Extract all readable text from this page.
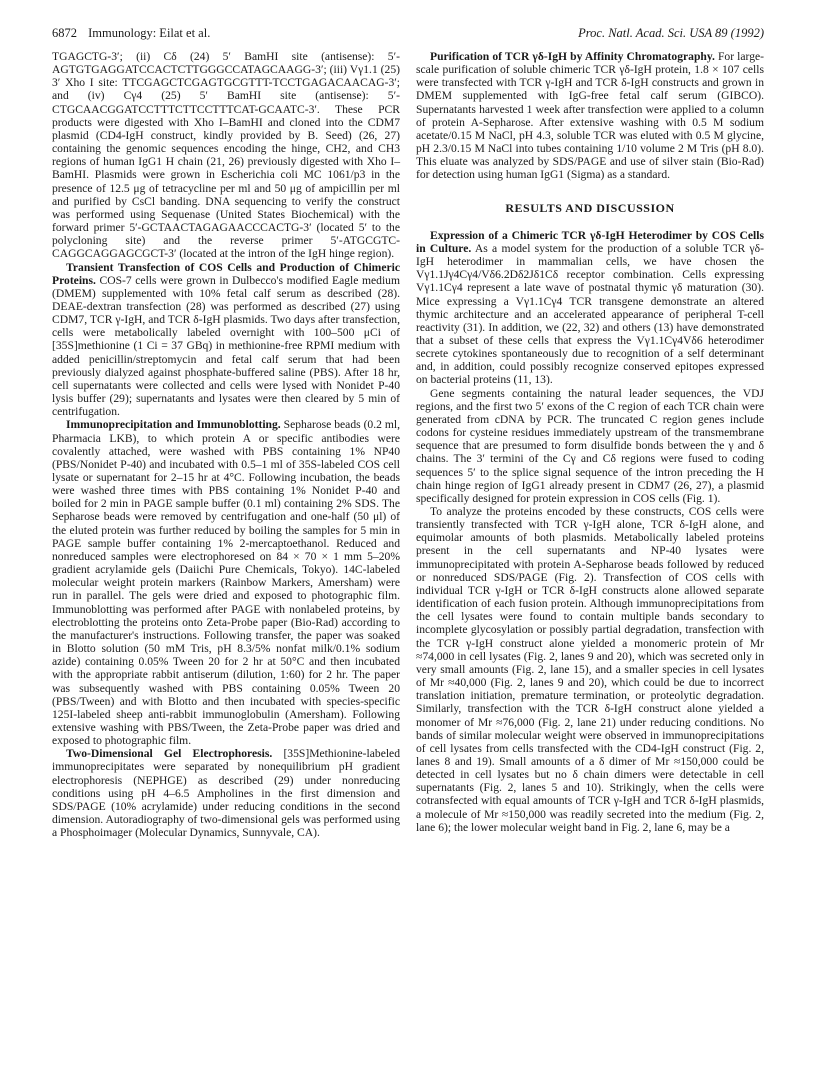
6872 Immunology: Eilat et al.	Proc. Natl. Acad. Sci. USA 89 (1992)

TGAGCTG-3′; (ii) Cδ (24) 5′ BamHI site (antisense): 5′-AGTGTGAGGATCCACTCTTGGGCCATAGCAAGG-3′; (iii) Vγ1.1 (25) 3′ Xho I site: TTCGAGCTCGAGTGCGTTT-TCCTGAGACAACAG-3′; and (iv) Cγ4 (25) 5′ BamHI site (antisense): 5′-CTGCAACGGATCCTTTCTTCCTTTCAT-GCAATC-3′. These PCR products were digested with Xho I–BamHI and cloned into the CDM7 plasmid (CD4-IgH construct, kindly provided by B. Seed) (26, 27) containing the genomic sequences encoding the hinge, CH2, and CH3 regions of human IgG1 H chain (21, 26) previously digested with Xho I–BamHI. Plasmids were grown in Escherichia coli MC 1061/p3 in the presence of 12.5 μg of tetracycline per ml and 50 μg of ampicillin per ml and purified by CsCl banding. DNA sequencing to verify the construct was performed using Sequenase (United States Biochemical) with the forward primer 5′-GCTAACTAGAGAACCCACTG-3′ (located 5′ to the polycloning site) and the reverse primer 5′-ATGCGTC-CAGGCAGGAGCGCT-3′ (located at the intron of the IgH hinge region).

Transient Transfection of COS Cells and Production of Chimeric Proteins. COS-7 cells were grown in Dulbecco's modified Eagle medium (DMEM) supplemented with 10% fetal calf serum as described (28). DEAE-dextran transfection (28) was performed as described (27) using CDM7, TCR γ-IgH, and TCR δ-IgH plasmids. Two days after transfection, cells were metabolically labeled overnight with 100–500 μCi of [35S]methionine (1 Ci = 37 GBq) in methionine-free RPMI medium with added penicillin/streptomycin and fetal calf serum that had been previously dialyzed against phosphate-buffered saline (PBS). After 18 hr, cell supernatants were collected and cells were lysed with Nonidet P-40 lysis buffer (29); supernatants and lysates were then cleared by 5 min of centrifugation.

Immunoprecipitation and Immunoblotting. Sepharose beads (0.2 ml, Pharmacia LKB), to which protein A or specific antibodies were covalently attached, were washed with PBS containing 1% NP40 (PBS/Nonidet P-40) and incubated with 0.5–1 ml of 35S-labeled COS cell lysate or supernatant for 2–15 hr at 4°C. Following incubation, the beads were washed three times with PBS containing 1% Nonidet P-40 and boiled for 2 min in PAGE sample buffer (0.1 ml) containing 2% SDS. The Sepharose beads were removed by centrifugation and one-half (50 μl) of the eluted protein was further reduced by boiling the samples for 5 min in PAGE sample buffer containing 1% 2-mercaptoethanol. Reduced and nonreduced samples were electrophoresed on 84 × 70 × 1 mm 5–20% gradient acrylamide gels (Daiichi Pure Chemicals, Tokyo). 14C-labeled molecular weight protein markers (Rainbow Markers, Amersham) were run in parallel. The gels were dried and exposed to photographic film. Immunoblotting was performed after PAGE with nonlabeled proteins, by electroblotting the proteins onto Zeta-Probe paper (Bio-Rad) according to the manufacturer's instructions. Following transfer, the paper was soaked in Blotto solution (50 mM Tris, pH 8.3/5% nonfat milk/0.1% sodium azide) containing 0.05% Tween 20 for 2 hr at 50°C and then incubated with the appropriate rabbit antiserum (dilution, 1:60) for 2 hr. The paper was subsequently washed with PBS containing 0.05% Tween 20 (PBS/Tween) and with Blotto and then incubated with species-specific 125I-labeled sheep anti-rabbit immunoglobulin (Amersham). Following extensive washing with PBS/Tween, the Zeta-Probe paper was dried and exposed to photographic film.

Two-Dimensional Gel Electrophoresis. [35S]Methionine-labeled immunoprecipitates were separated by nonequilibrium pH gradient electrophoresis (NEPHGE) as described (29) under nonreducing conditions using pH 4–6.5 Ampholines in the first dimension and SDS/PAGE (10% acrylamide) under reducing conditions in the second dimension. Autoradiography of two-dimensional gels was performed using a Phosphoimager (Molecular Dynamics, Sunnyvale, CA).

Purification of TCR γδ-IgH by Affinity Chromatography. For large-scale purification of soluble chimeric TCR γδ-IgH protein, 1.8 × 107 cells were transfected with TCR γ-IgH and TCR δ-IgH constructs and grown in DMEM supplemented with IgG-free fetal calf serum (GIBCO). Supernatants harvested 1 week after transfection were applied to a column of protein A-Sepharose. After extensive washing with 0.5 M sodium acetate/0.15 M NaCl, pH 4.3, soluble TCR was eluted with 0.5 M glycine, pH 2.3/0.15 M NaCl into tubes containing 1/10 volume 2 M Tris (pH 8.0). This eluate was analyzed by SDS/PAGE and use of silver stain (Bio-Rad) for detection using human IgG1 (Sigma) as a standard.

RESULTS AND DISCUSSION

Expression of a Chimeric TCR γδ-IgH Heterodimer by COS Cells in Culture. As a model system for the production of a soluble TCR γδ-IgH heterodimer in mammalian cells, we have chosen the Vγ1.1Jγ4Cγ4/Vδ6.2Dδ2Jδ1Cδ receptor combination. Cells expressing Vγ1.1Cγ4 represent a late wave of postnatal thymic γδ maturation (30). Mice expressing a Vγ1.1Cγ4 TCR transgene demonstrate an altered thymic architecture and an accelerated appearance of peripheral T-cell reactivity (31). In addition, we (22, 32) and others (13) have demonstrated that a subset of these cells that express the Vγ1.1Cγ4Vδ6 heterodimer secrete cytokines spontaneously due to recognition of a self determinant and, in addition, could possibly recognize conserved epitopes expressed on bacterial proteins (11, 13).

Gene segments containing the natural leader sequences, the VDJ regions, and the first two 5′ exons of the C region of each TCR chain were generated from cDNA by PCR. The truncated C region genes include codons for cysteine residues immediately upstream of the transmembrane sequence that are presumed to form disulfide bonds between the γ and δ chains. The 3′ termini of the Cγ and Cδ regions were fused to coding sequences 5′ to the splice signal sequence of the intron preceding the H chain hinge region of IgG1 already present in CDM7 (26, 27), a plasmid specifically designed for protein expression in COS cells (Fig. 1).

To analyze the proteins encoded by these constructs, COS cells were transiently transfected with TCR γ-IgH alone, TCR δ-IgH alone, and equimolar amounts of both plasmids. Metabolically labeled proteins present in the cell supernatants and NP-40 lysates were immunoprecipitated with protein A-Sepharose beads followed by reduced or nonreduced SDS/PAGE (Fig. 2). Transfection of COS cells with individual TCR γ-IgH or TCR δ-IgH constructs alone allowed separate identification of each fusion protein. Although immunoprecipitations from the cell lysates were found to contain multiple bands secondary to incomplete glycosylation or possibly partial degradation, transfection with the TCR γ-IgH construct alone yielded a monomeric protein of Mr ≈74,000 in cell lysates (Fig. 2, lanes 9 and 20), which was secreted only in very small amounts (Fig. 2, lane 15), and a smaller species in cell lysates of Mr ≈40,000 (Fig. 2, lanes 9 and 20), which could be due to incorrect translation initiation, premature termination, or proteolytic degradation. Similarly, transfection with the TCR δ-IgH construct alone yielded a monomer of Mr ≈76,000 (Fig. 2, lane 21) under reducing conditions. No bands of similar molecular weight were observed in immunoprecipitations of cell lysates from cells transfected with the CD4-IgH construct (Fig. 2, lanes 8 and 19). Small amounts of a δ dimer of Mr ≈150,000 could be detected in cell lysates but no δ chain dimers were detectable in cell supernatants (Fig. 2, lanes 5 and 10). Strikingly, when the cells were cotransfected with equal amounts of TCR γ-IgH and TCR δ-IgH plasmids, a molecule of Mr ≈150,000 was readily secreted into the medium (Fig. 2, lane 6); the lower molecular weight band in Fig. 2, lane 6, may be a
